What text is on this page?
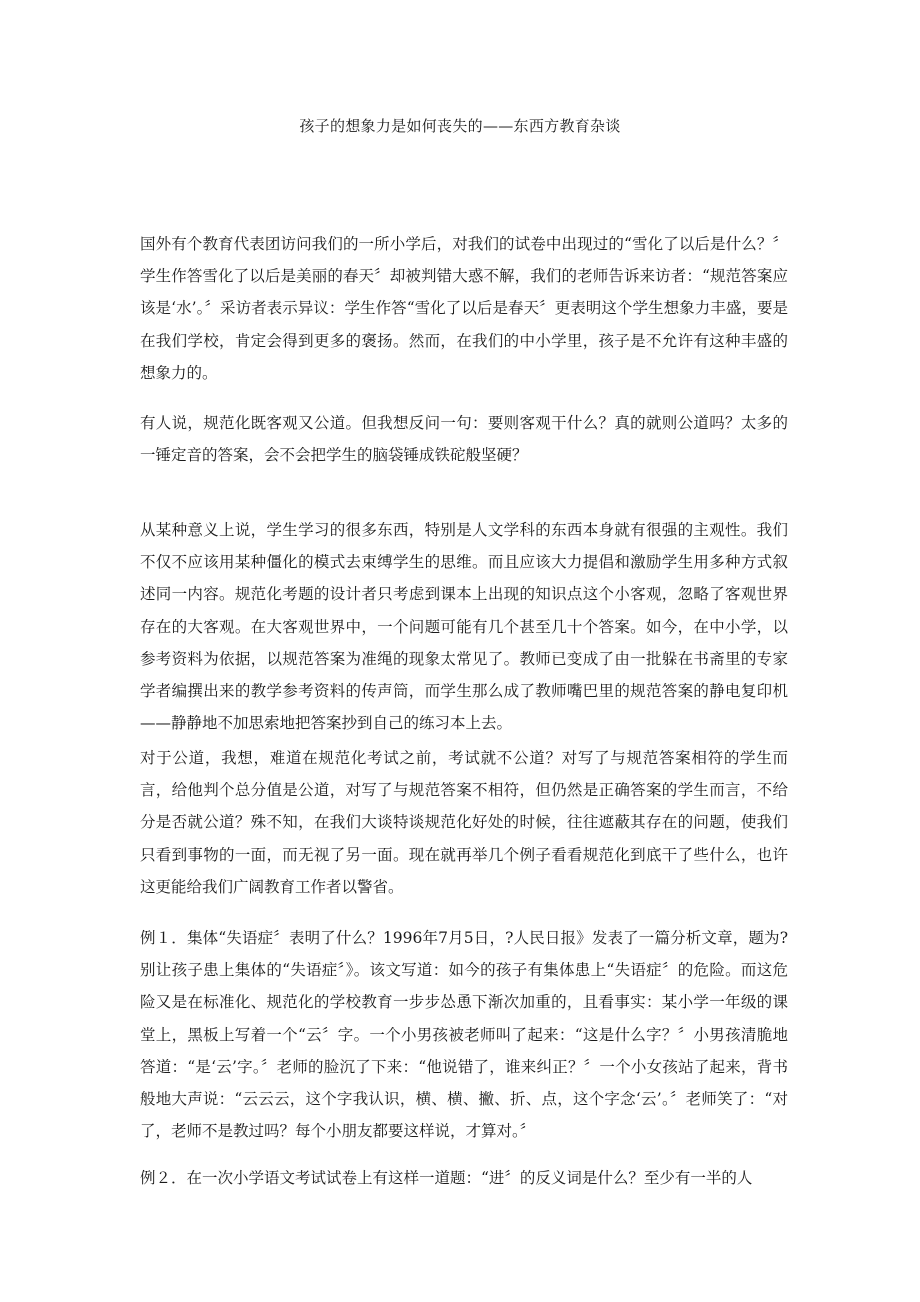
孩子的想象力是如何丧失的——东西方教育杂谈

国外有个教育代表团访问我们的一所小学后，对我们的试卷中出现过的“雪化了以后是什么？〞学生作答雪化了以后是美丽的春天〞却被判错大惑不解，我们的老师告诉来访者：“规范答案应该是‘水’。〞采访者表示异议：学生作答“雪化了以后是春天〞更表明这个学生想象力丰盛，要是在我们学校，肯定会得到更多的褒扬。然而，在我们的中小学里，孩子是不允许有这种丰盛的想象力的。

有人说，规范化既客观又公道。但我想反问一句：要则客观干什么？真的就则公道吗？太多的一锤定音的答案，会不会把学生的脑袋锤成铁砣般坚硬？

从某种意义上说，学生学习的很多东西，特别是人文学科的东西本身就有很强的主观性。我们不仅不应该用某种僵化的模式去束缚学生的思维。而且应该大力提倡和激励学生用多种方式叙述同一内容。规范化考题的设计者只考虑到课本上出现的知识点这个小客观，忽略了客观世界存在的大客观。在大客观世界中，一个问题可能有几个甚至几十个答案。如今，在中小学，以参考资料为依据，以规范答案为准绳的现象太常见了。教师已变成了由一批躲在书斋里的专家学者编撰出来的教学参考资料的传声筒，而学生那么成了教师嘴巴里的规范答案的静电复印机——静静地不加思索地把答案抄到自己的练习本上去。

对于公道，我想，难道在规范化考试之前，考试就不公道？对写了与规范答案相符的学生而言，给他判个总分值是公道，对写了与规范答案不相符，但仍然是正确答案的学生而言，不给分是否就公道？殊不知，在我们大谈特谈规范化好处的时候，往往遮蔽其存在的问题，使我们只看到事物的一面，而无视了另一面。现在就再举几个例子看看规范化到底干了些什么，也许这更能给我们广阔教育工作者以警省。

例１．集体“失语症〞表明了什么？1996年7月5日，?人民日报》发表了一篇分析文章，题为?别让孩子患上集体的“失语症〞》。该文写道：如今的孩子有集体患上“失语症〞的危险。而这危险又是在标准化、规范化的学校教育一步步怂恿下渐次加重的，且看事实：某小学一年级的课堂上，黑板上写着一个“云〞字。一个小男孩被老师叫了起来：“这是什么字？〞小男孩清脆地答道：“是‘云’字。〞老师的脸沉了下来：“他说错了，谁来纠正？〞一个小女孩站了起来，背书般地大声说：“云云云，这个字我认识，横、横、撇、折、点，这个字念‘云’。〞老师笑了：“对了，老师不是教过吗？每个小朋友都要这样说，才算对。〞

例２．在一次小学语文考试试卷上有这样一道题：“进〞的反义词是什么？至少有一半的人
